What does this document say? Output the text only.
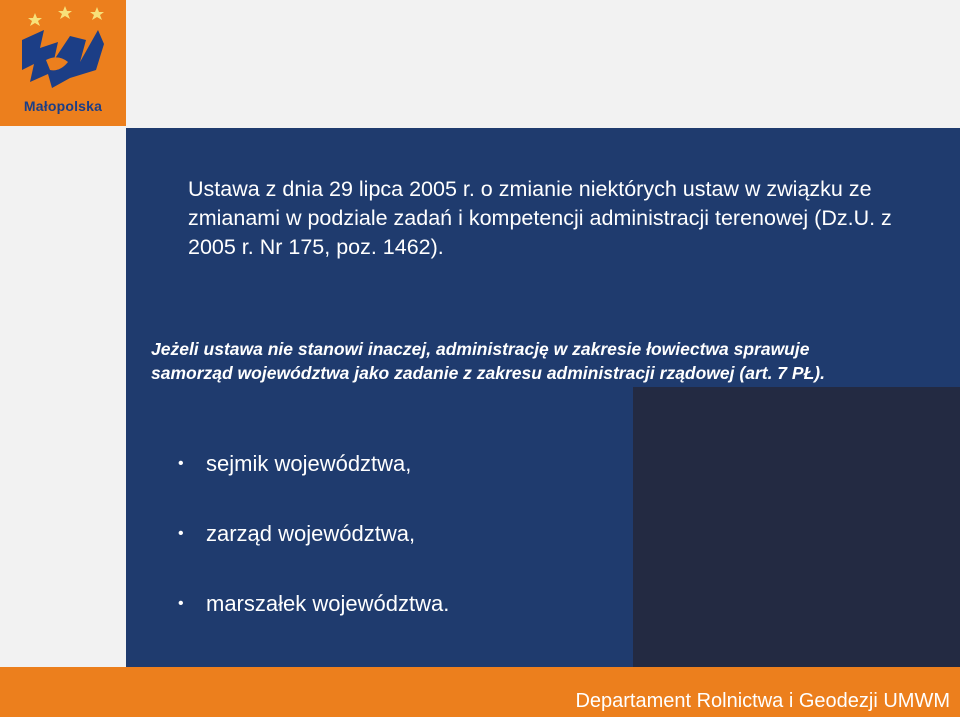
Małopolska
Ustawa z dnia 29 lipca 2005 r. o zmianie niektórych ustaw w związku ze zmianami w podziale zadań i kompetencji administracji terenowej (Dz.U. z 2005 r. Nr 175, poz. 1462).
Jeżeli ustawa nie stanowi inaczej, administrację w zakresie łowiectwa sprawuje samorząd województwa jako zadanie z zakresu administracji rządowej (art. 7 PŁ).
•	sejmik województwa,
•	zarząd województwa,
•	marszałek województwa.
Departament Rolnictwa i Geodezji UMWM
